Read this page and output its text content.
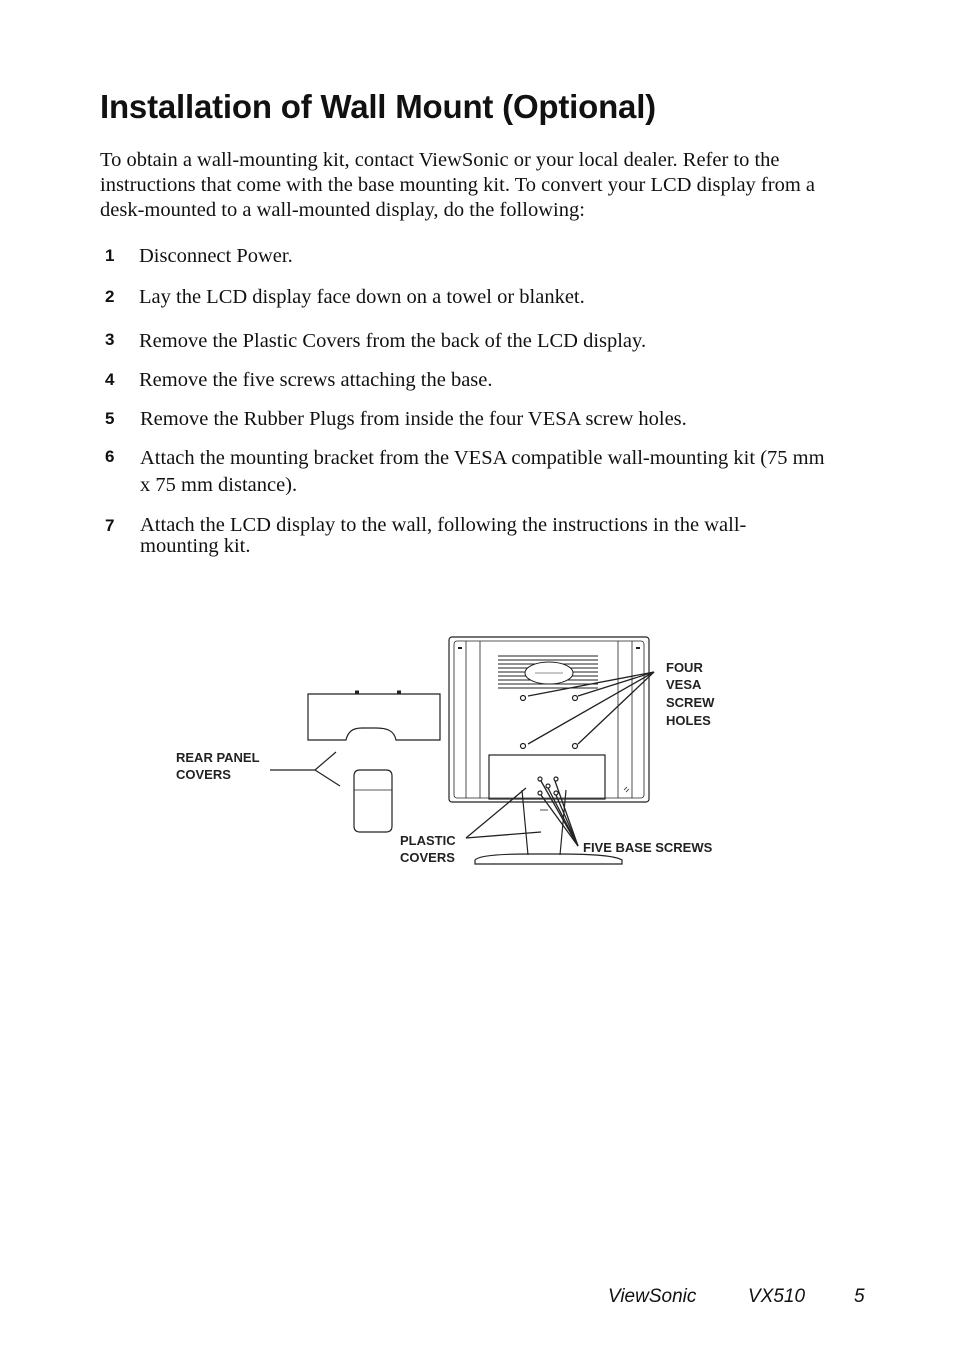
Installation of Wall Mount (Optional)

To obtain a wall-mounting kit, contact ViewSonic or your local dealer. Refer to the instructions that come with the base mounting kit. To convert your LCD display from a desk-mounted to a wall-mounted display, do the following:

1 Disconnect Power.
2 Lay the LCD display face down on a towel or blanket.
3 Remove the Plastic Covers from the back of the LCD display.
4 Remove the five screws attaching the base.
5 Remove the Rubber Plugs from inside the four VESA screw holes.
6 Attach the mounting bracket from the VESA compatible wall-mounting kit (75 mm x 75 mm distance).
7 Attach the LCD display to the wall, following the instructions in the wall-mounting kit.
REAR PANEL
COVERS
FOUR
VESA
SCREW
HOLES
PLASTIC
COVERS
FIVE BASE SCREWS
ViewSonic	VX510	5
